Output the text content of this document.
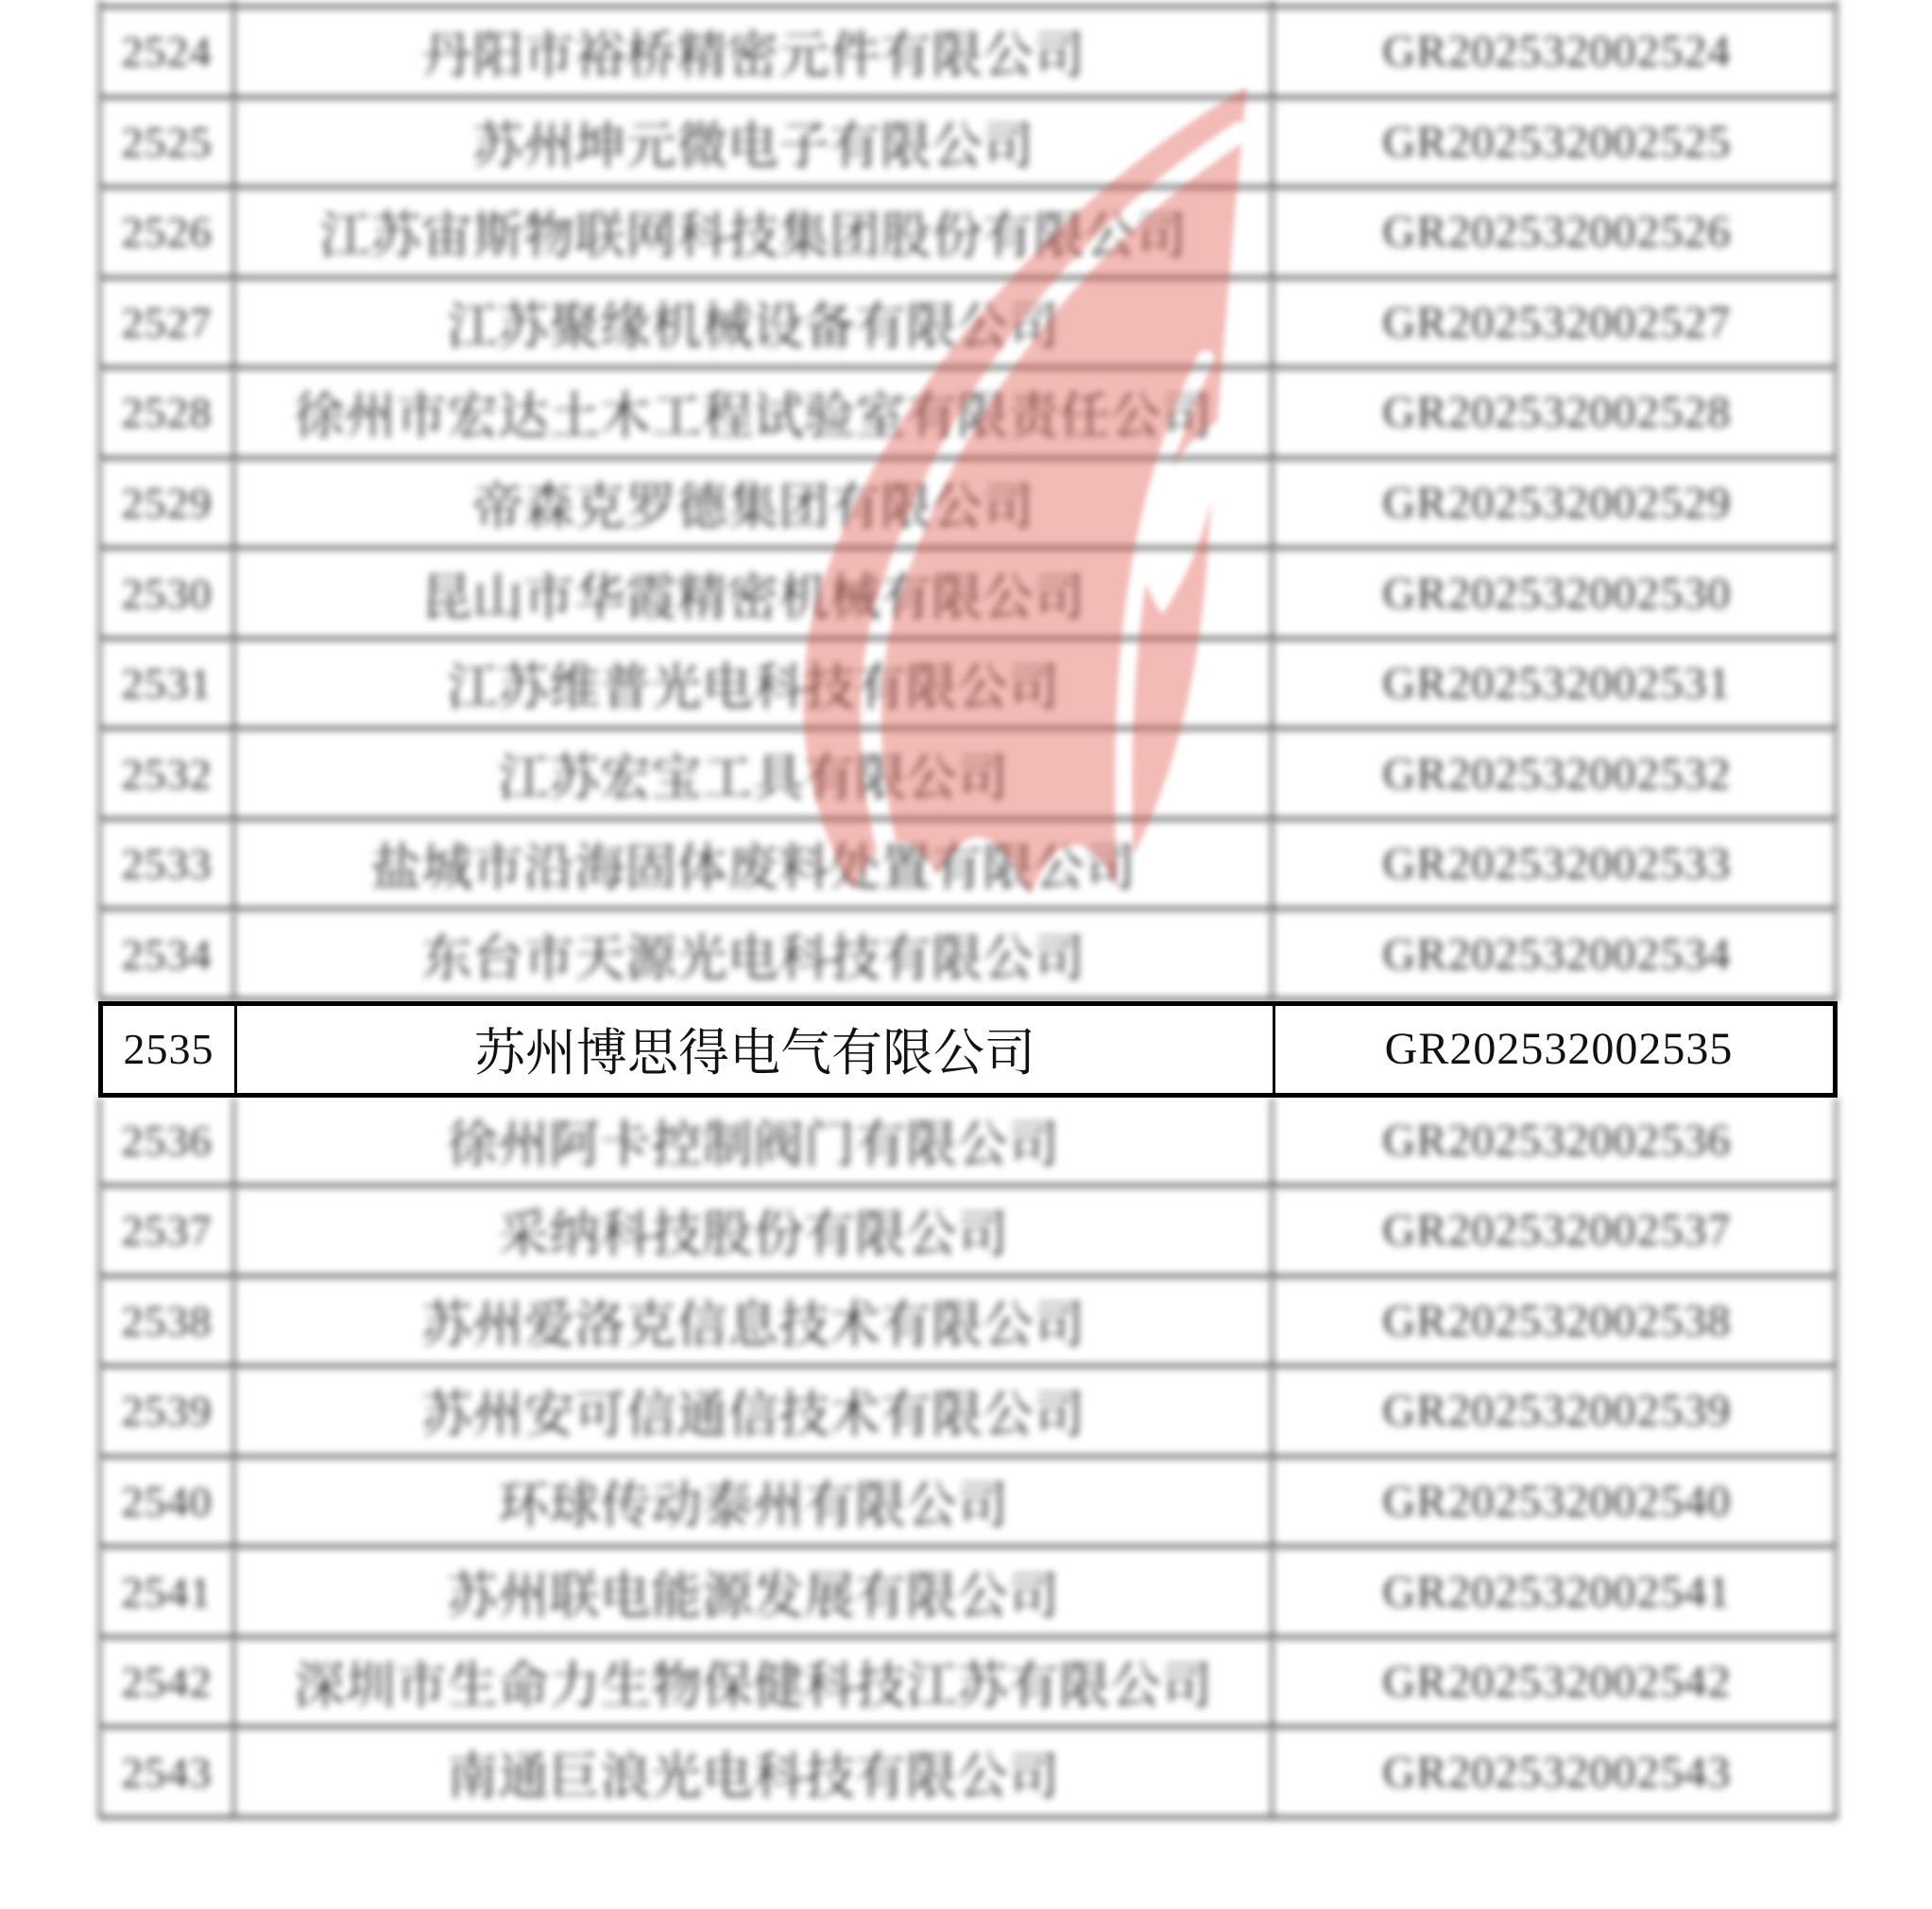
2524	丹阳市裕桥精密元件有限公司	GR202532002524
2525	苏州坤元微电子有限公司	GR202532002525
2526	江苏宙斯物联网科技集团股份有限公司	GR202532002526
2527	江苏聚缘机械设备有限公司	GR202532002527
2528	徐州市宏达土木工程试验室有限责任公司	GR202532002528
2529	帝森克罗德集团有限公司	GR202532002529
2530	昆山市华霞精密机械有限公司	GR202532002530
2531	江苏维普光电科技有限公司	GR202532002531
2532	江苏宏宝工具有限公司	GR202532002532
2533	盐城市沿海固体废料处置有限公司	GR202532002533
2534	东台市天源光电科技有限公司	GR202532002534
2535	苏州博思得电气有限公司	GR202532002535
2536	徐州阿卡控制阀门有限公司	GR202532002536
2537	采纳科技股份有限公司	GR202532002537
2538	苏州爱洛克信息技术有限公司	GR202532002538
2539	苏州安可信通信技术有限公司	GR202532002539
2540	环球传动泰州有限公司	GR202532002540
2541	苏州联电能源发展有限公司	GR202532002541
2542	深圳市生命力生物保健科技江苏有限公司	GR202532002542
2543	南通巨浪光电科技有限公司	GR202532002543
